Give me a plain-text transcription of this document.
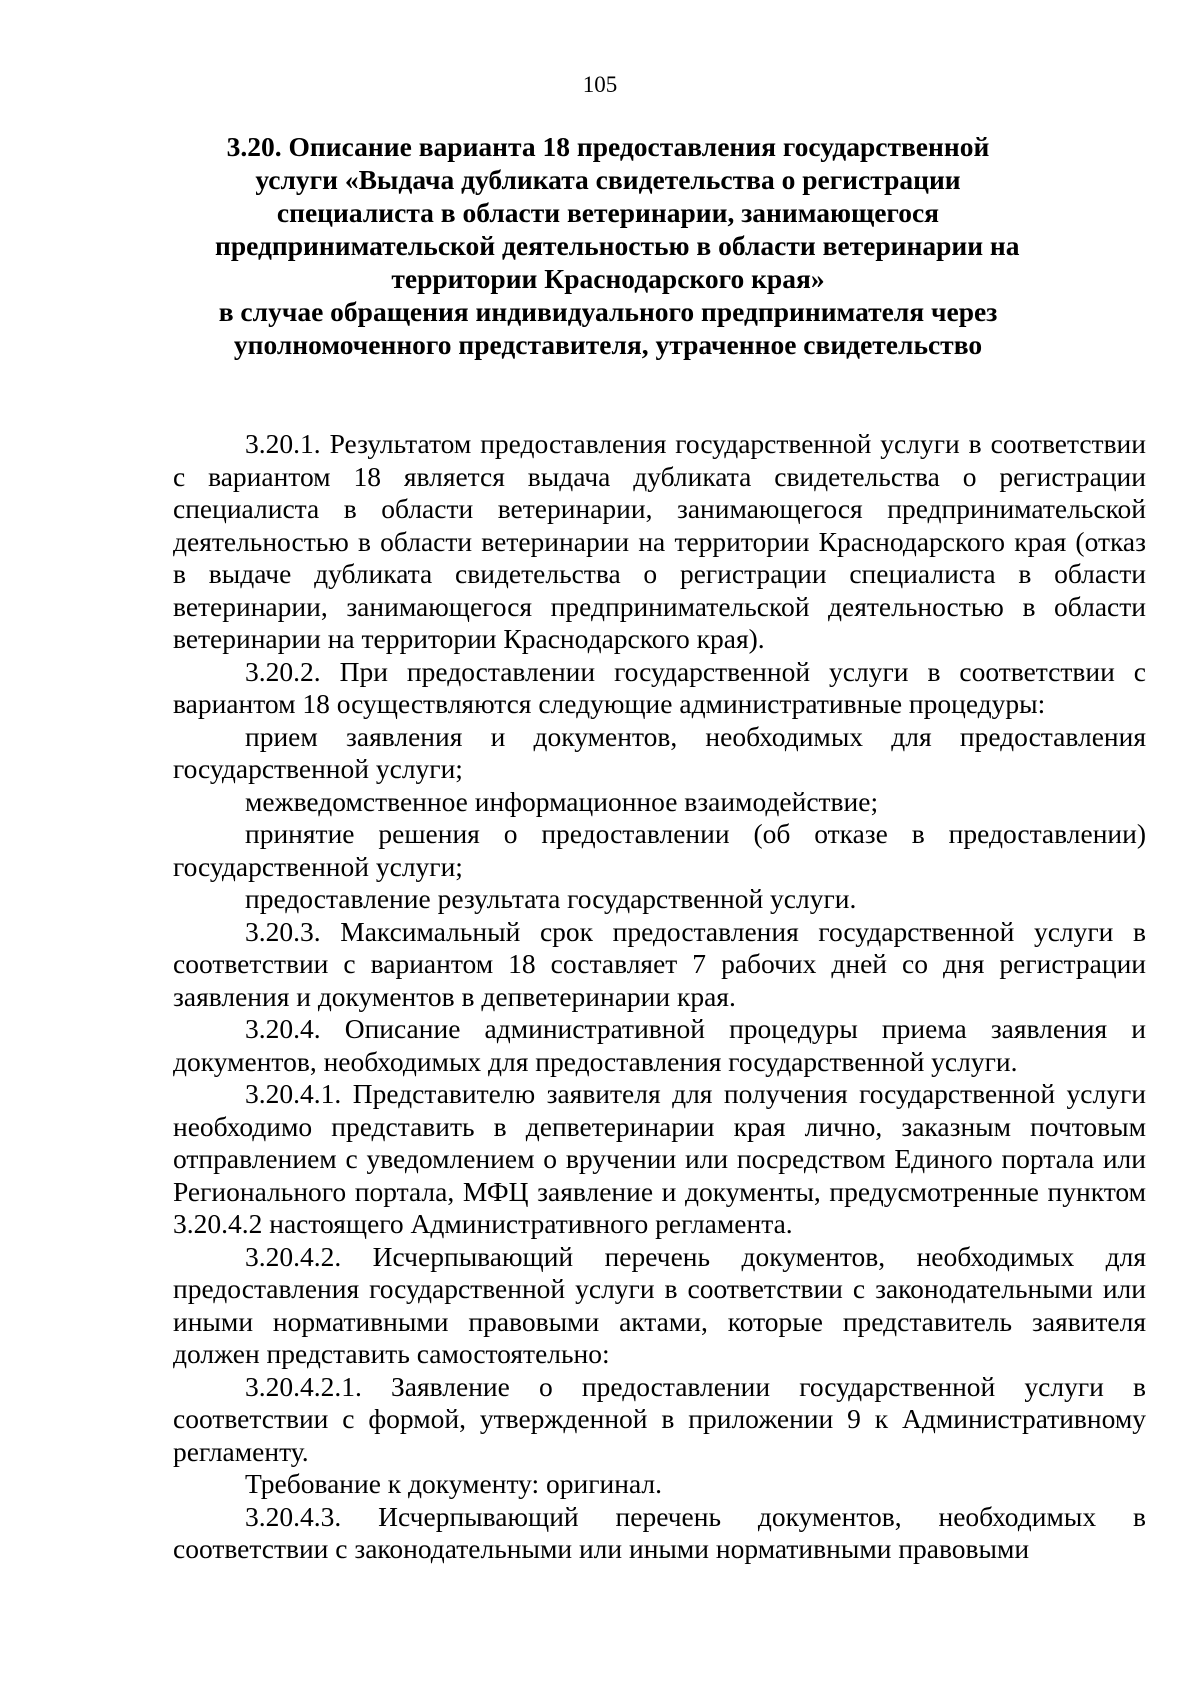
105
3.20. Описание варианта 18 предоставления государственной
услуги «Выдача дубликата свидетельства о регистрации
специалиста в области ветеринарии, занимающегося
предпринимательской деятельностью в области ветеринарии на
территории Краснодарского края»
в случае обращения индивидуального предпринимателя через
уполномоченного представителя, утраченное свидетельство

3.20.1. Результатом предоставления государственной услуги в соответствии с вариантом 18 является выдача дубликата свидетельства о регистрации специалиста в области ветеринарии, занимающегося предпринимательской деятельностью в области ветеринарии на территории Краснодарского края (отказ в выдаче дубликата свидетельства о регистрации специалиста в области ветеринарии, занимающегося предпринимательской деятельностью в области ветеринарии на территории Краснодарского края).

3.20.2. При предоставлении государственной услуги в соответствии с вариантом 18 осуществляются следующие административные процедуры:

прием заявления и документов, необходимых для предоставления государственной услуги;

межведомственное информационное взаимодействие;

принятие решения о предоставлении (об отказе в предоставлении) государственной услуги;

предоставление результата государственной услуги.

3.20.3. Максимальный срок предоставления государственной услуги в соответствии с вариантом 18 составляет 7 рабочих дней со дня регистрации заявления и документов в депветеринарии края.

3.20.4. Описание административной процедуры приема заявления и документов, необходимых для предоставления государственной услуги.

3.20.4.1. Представителю заявителя для получения государственной услуги необходимо представить в депветеринарии края лично, заказным почтовым отправлением с уведомлением о вручении или посредством Единого портала или Регионального портала, МФЦ заявление и документы, предусмотренные пунктом 3.20.4.2 настоящего Административного регламента.

3.20.4.2. Исчерпывающий перечень документов, необходимых для предоставления государственной услуги в соответствии с законодательными или иными нормативными правовыми актами, которые представитель заявителя должен представить самостоятельно:

3.20.4.2.1. Заявление о предоставлении государственной услуги в соответствии с формой, утвержденной в приложении 9 к Административному регламенту.

Требование к документу: оригинал.

3.20.4.3. Исчерпывающий перечень документов, необходимых в соответствии с законодательными или иными нормативными правовыми
